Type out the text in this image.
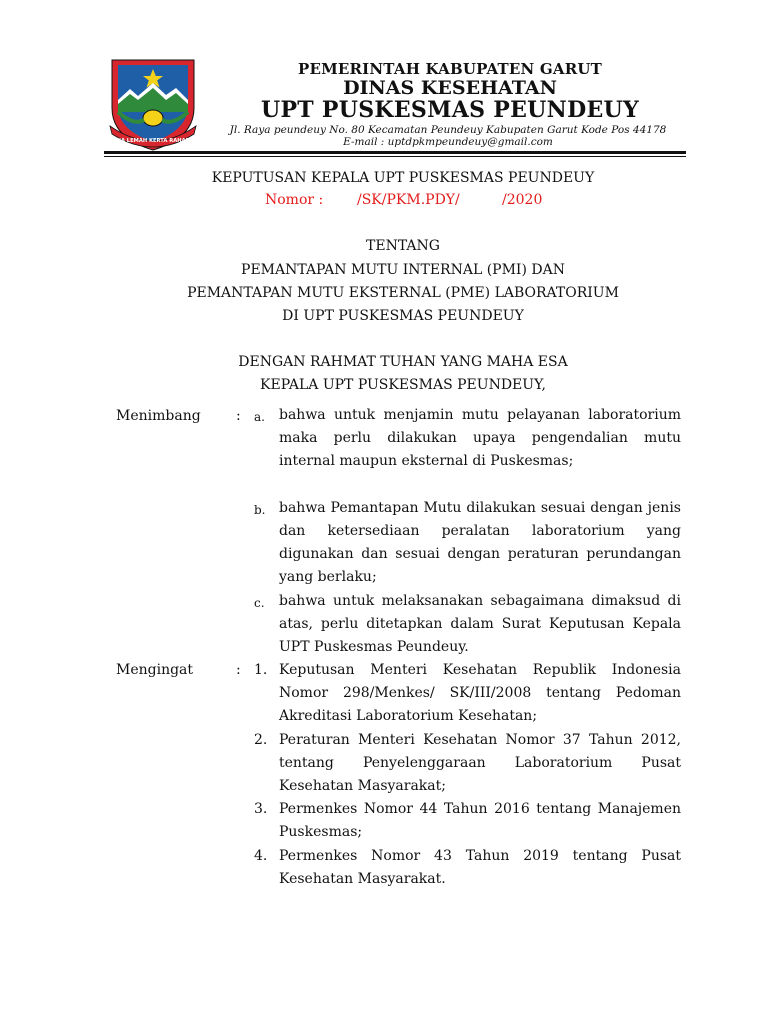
DINA LEMAH KERTA RAHARJA
PEMERINTAH KABUPATEN GARUT
DINAS KESEHATAN
UPT PUSKESMAS PEUNDEUY
Jl. Raya peundeuy No. 80 Kecamatan Peundeuy Kabupaten Garut Kode Pos 44178
E-mail : uptdpkmpeundeuy@gmail.com
KEPUTUSAN KEPALA UPT PUSKESMAS PEUNDEUY
Nomor : /SK/PKM.PDY/	/2020
TENTANG
PEMANTAPAN MUTU INTERNAL (PMI) DAN
PEMANTAPAN MUTU EKSTERNAL (PME) LABORATORIUM
DI UPT PUSKESMAS PEUNDEUY
DENGAN RAHMAT TUHAN YANG MAHA ESA
KEPALA UPT PUSKESMAS PEUNDEUY,
Menimbang	: a. bahwa untuk menjamin mutu pelayanan laboratorium maka perlu dilakukan upaya pengendalian mutu internal maupun eksternal di Puskesmas;
b. bahwa Pemantapan Mutu dilakukan sesuai dengan jenis dan ketersediaan peralatan laboratorium yang digunakan dan sesuai dengan peraturan perundangan yang berlaku;
c. bahwa untuk melaksanakan sebagaimana dimaksud di atas, perlu ditetapkan dalam Surat Keputusan Kepala UPT Puskesmas Peundeuy.
Mengingat	: 1. Keputusan Menteri Kesehatan Republik Indonesia Nomor 298/Menkes/ SK/III/2008 tentang Pedoman Akreditasi Laboratorium Kesehatan;
2. Peraturan Menteri Kesehatan Nomor 37 Tahun 2012, tentang Penyelenggaraan Laboratorium Pusat Kesehatan Masyarakat;
3. Permenkes Nomor 44 Tahun 2016 tentang Manajemen Puskesmas;
4. Permenkes Nomor 43 Tahun 2019 tentang Pusat Kesehatan Masyarakat.
